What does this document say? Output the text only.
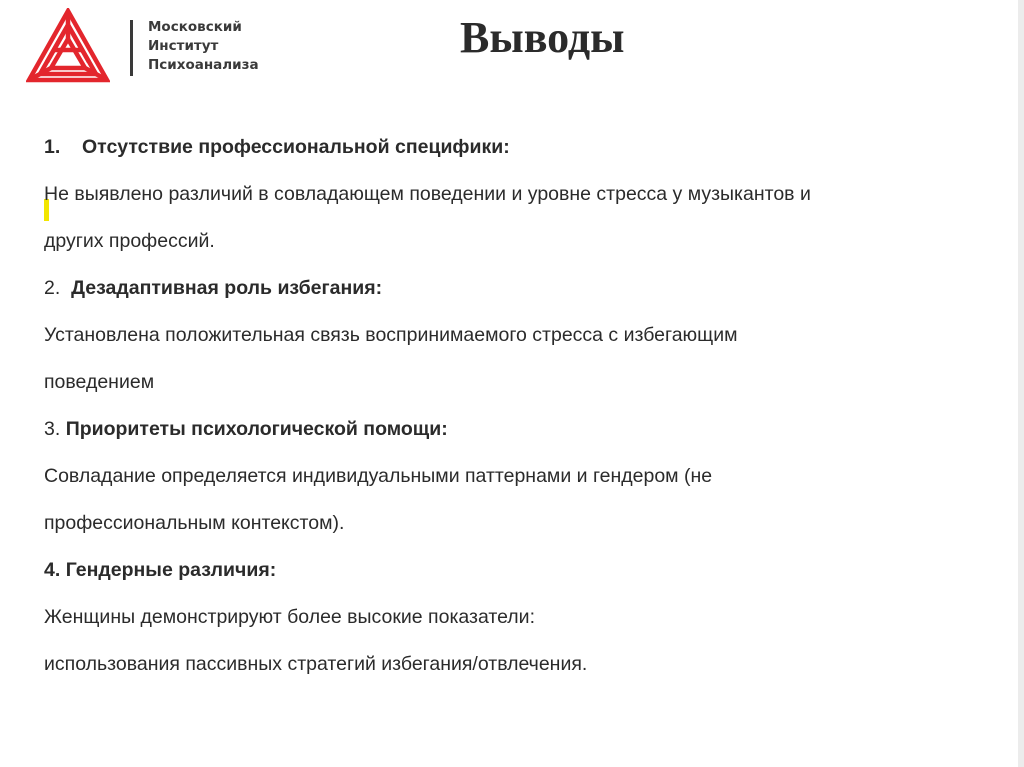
Московский
Институт
Психоанализа
Выводы

1. Отсутствие профессиональной специфики:

Не выявлено различий в совладающем поведении и уровне стресса у музыкантов и

других профессий.

2. Дезадаптивная роль избегания:

Установлена положительная связь воспринимаемого стресса с избегающим

поведением

3. Приоритеты психологической помощи:

Совладание определяется индивидуальными паттернами и гендером (не

профессиональным контекстом).

4. Гендерные различия:

Женщины демонстрируют более высокие показатели:

использования пассивных стратегий избегания/отвлечения.
